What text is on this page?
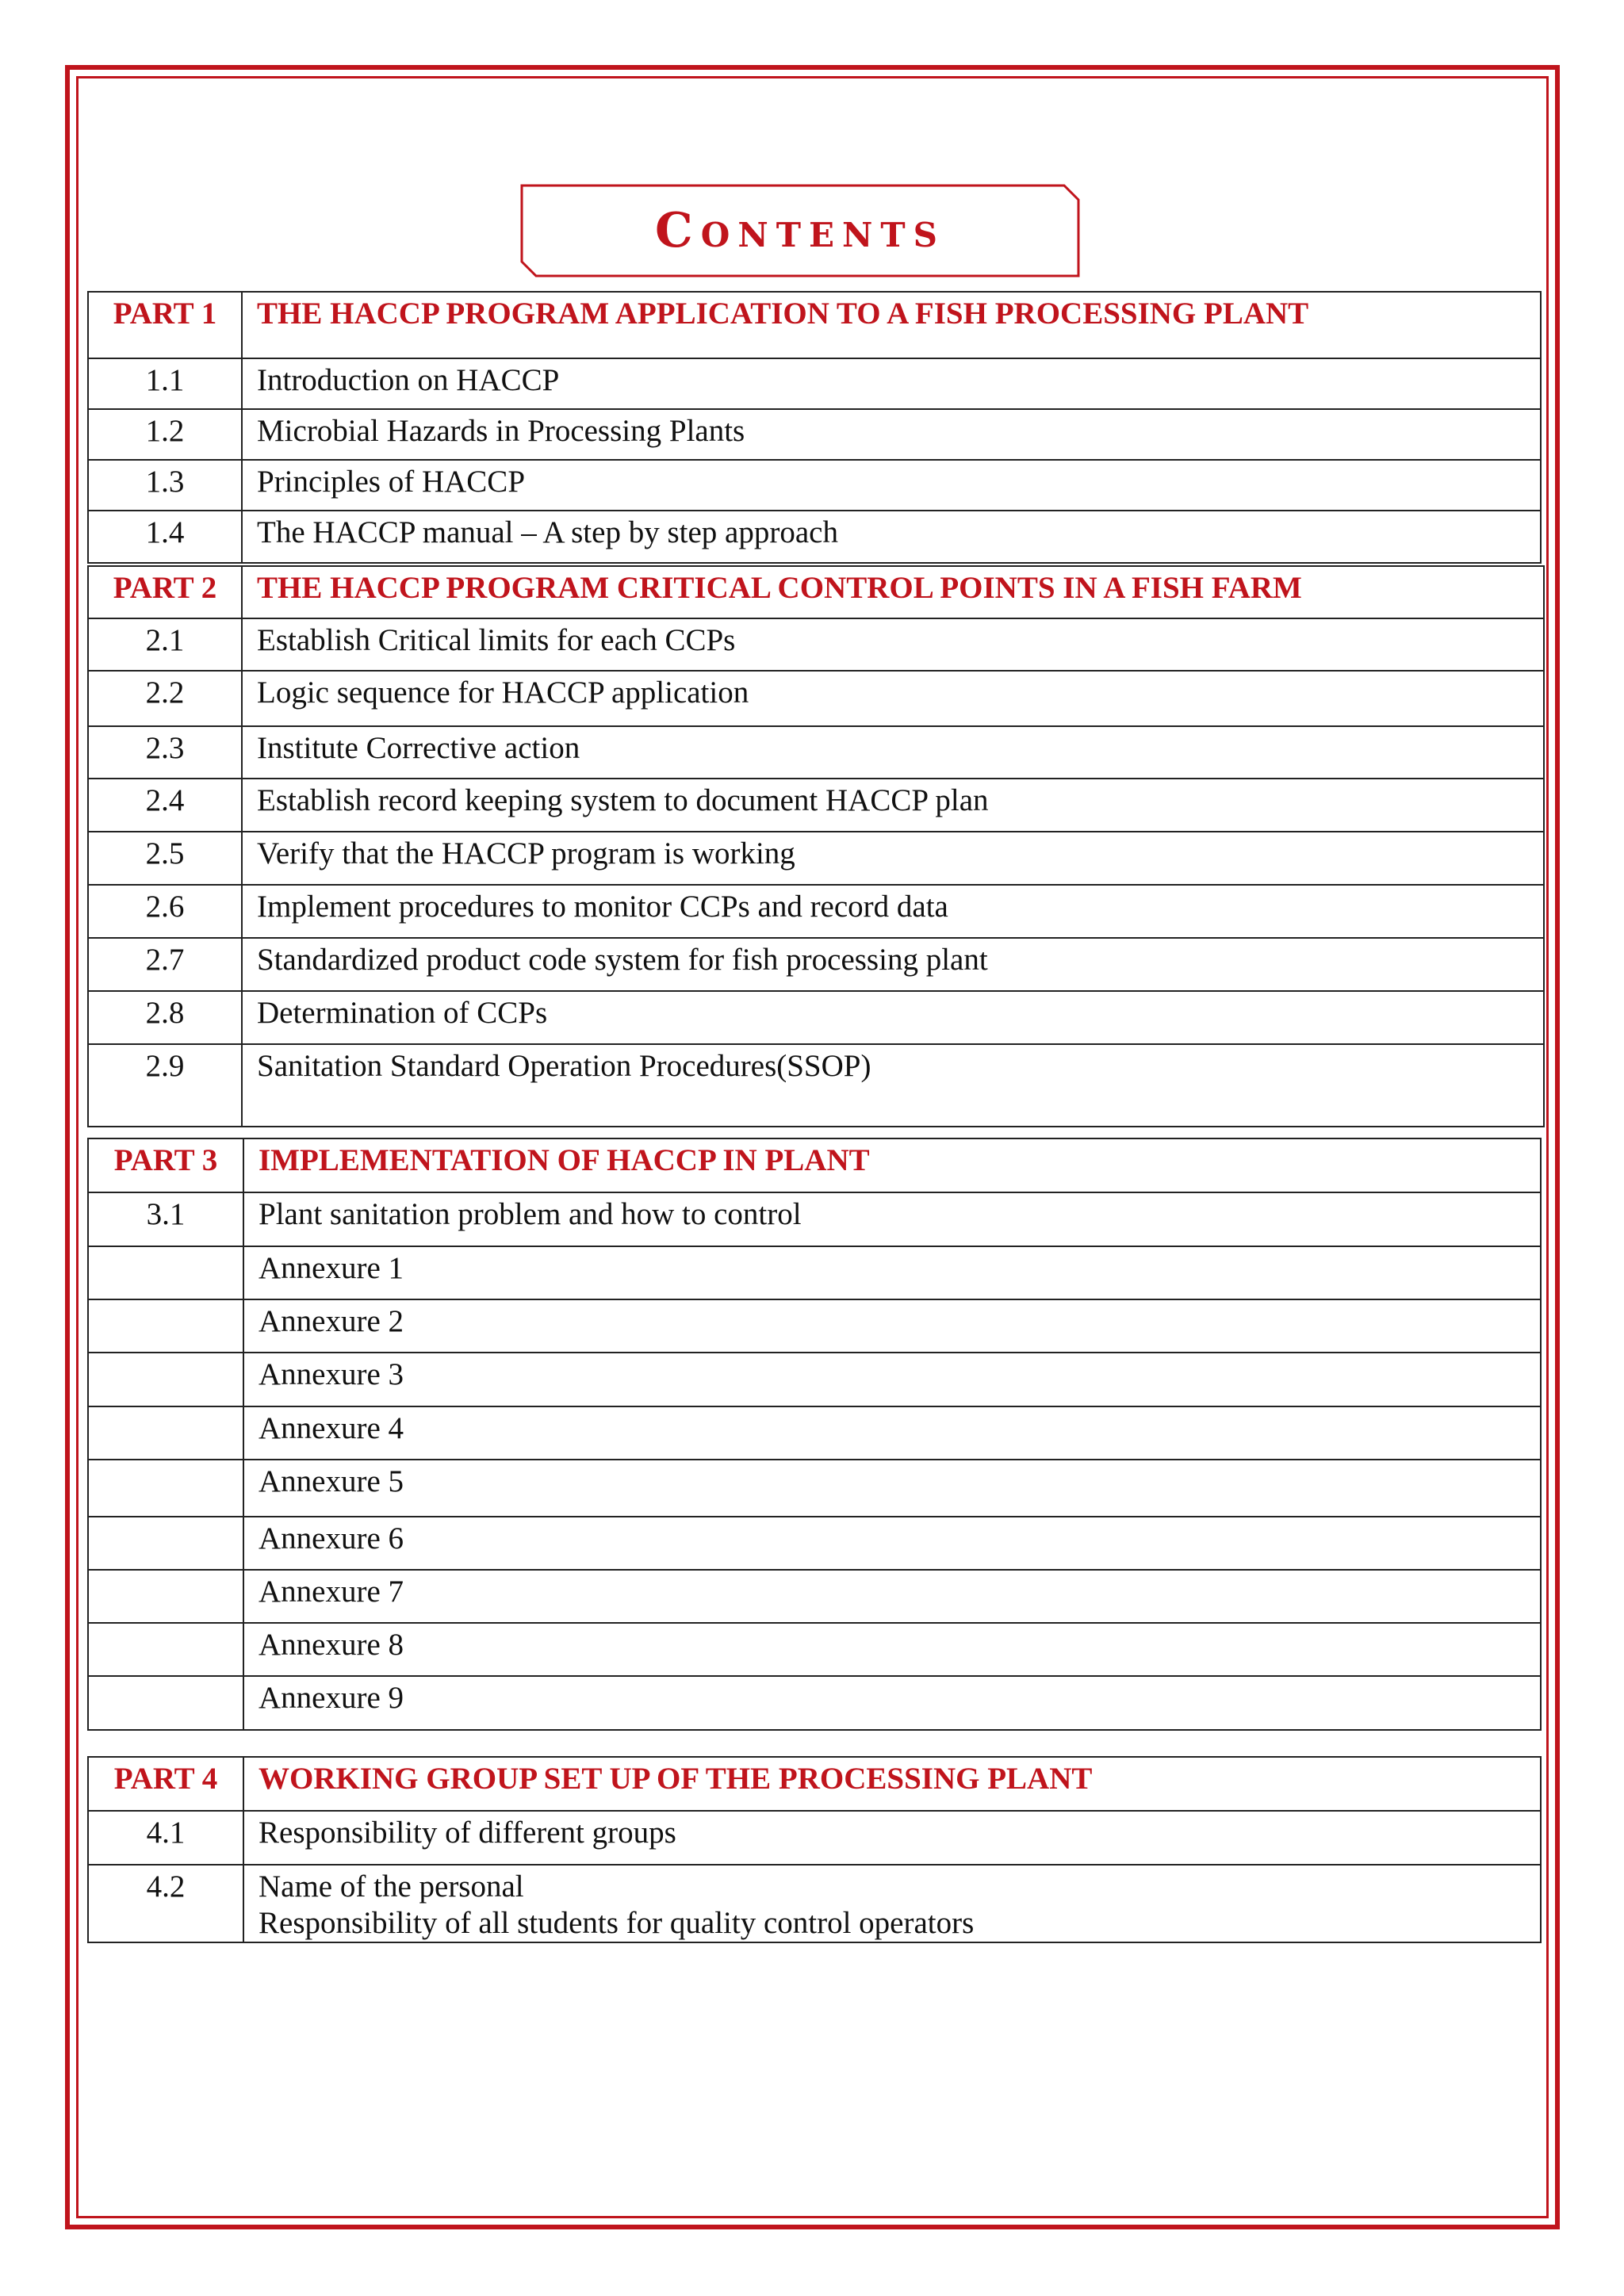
Contents
PART 1	THE HACCP PROGRAM APPLICATION TO A FISH PROCESSING PLANT
1.1	Introduction on HACCP
1.2	Microbial Hazards in Processing Plants
1.3	Principles of HACCP
1.4	The HACCP manual – A step by step approach
PART 2	THE HACCP PROGRAM CRITICAL CONTROL POINTS IN A FISH FARM
2.1	Establish Critical limits for each CCPs
2.2	Logic sequence for HACCP application
2.3	Institute Corrective action
2.4	Establish record keeping system to document HACCP plan
2.5	Verify that the HACCP program is working
2.6	Implement procedures to monitor CCPs and record data
2.7	Standardized product code system for fish processing plant
2.8	Determination of CCPs
2.9	Sanitation Standard Operation Procedures(SSOP)
PART 3	IMPLEMENTATION OF HACCP IN PLANT
3.1	Plant sanitation problem and how to control
	Annexure 1
	Annexure 2
	Annexure 3
	Annexure 4
	Annexure 5
	Annexure 6
	Annexure 7
	Annexure 8
	Annexure 9
PART 4	WORKING GROUP SET UP OF THE PROCESSING PLANT
4.1	Responsibility of different groups
4.2	Name of the personal
Responsibility of all students for quality control operators
